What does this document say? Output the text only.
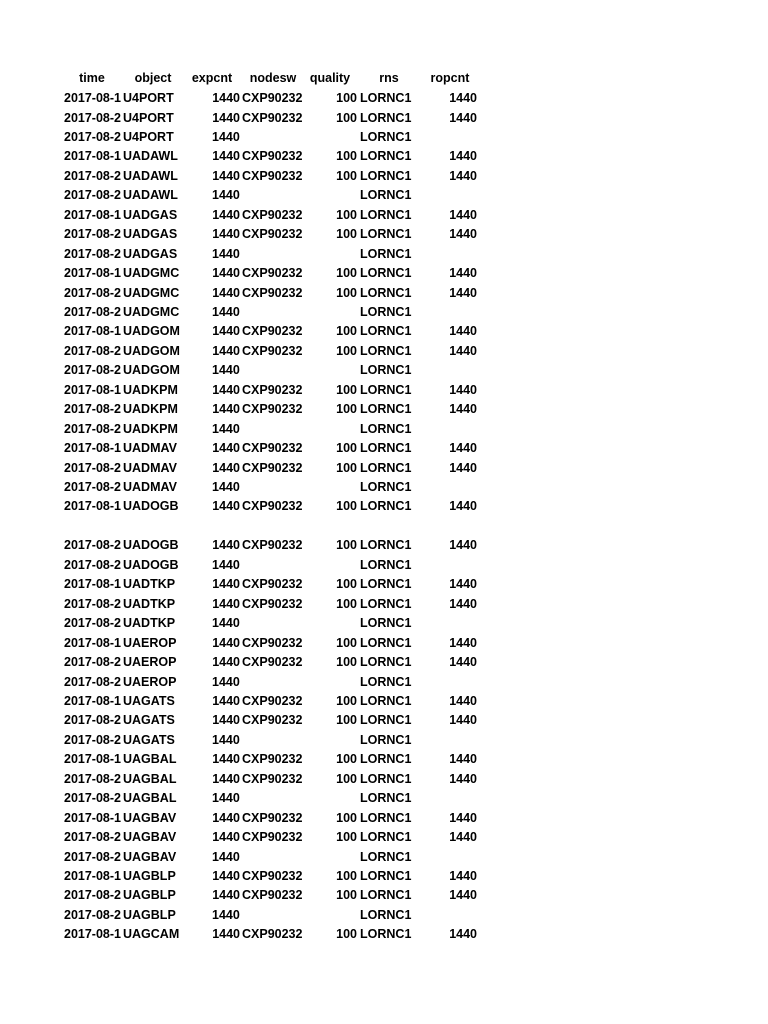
time	object	expcnt	nodesw	quality	rns	ropcnt
2017-08-1 U4PORT	1440 CXP90232	100 LORNC1	1440
2017-08-2 U4PORT	1440 CXP90232	100 LORNC1	1440
2017-08-2 U4PORT	1440	LORNC1
2017-08-1 UADAWL	1440 CXP90232	100 LORNC1	1440
2017-08-2 UADAWL	1440 CXP90232	100 LORNC1	1440
2017-08-2 UADAWL	1440	LORNC1
2017-08-1 UADGAS	1440 CXP90232	100 LORNC1	1440
2017-08-2 UADGAS	1440 CXP90232	100 LORNC1	1440
2017-08-2 UADGAS	1440	LORNC1
2017-08-1 UADGMC	1440 CXP90232	100 LORNC1	1440
2017-08-2 UADGMC	1440 CXP90232	100 LORNC1	1440
2017-08-2 UADGMC	1440	LORNC1
2017-08-1 UADGOM	1440 CXP90232	100 LORNC1	1440
2017-08-2 UADGOM	1440 CXP90232	100 LORNC1	1440
2017-08-2 UADGOM	1440	LORNC1
2017-08-1 UADKPM	1440 CXP90232	100 LORNC1	1440
2017-08-2 UADKPM	1440 CXP90232	100 LORNC1	1440
2017-08-2 UADKPM	1440	LORNC1
2017-08-1 UADMAV	1440 CXP90232	100 LORNC1	1440
2017-08-2 UADMAV	1440 CXP90232	100 LORNC1	1440
2017-08-2 UADMAV	1440	LORNC1
2017-08-1 UADOGB	1440 CXP90232	100 LORNC1	1440
2017-08-2 UADOGB	1440 CXP90232	100 LORNC1	1440
2017-08-2 UADOGB	1440	LORNC1
2017-08-1 UADTKP	1440 CXP90232	100 LORNC1	1440
2017-08-2 UADTKP	1440 CXP90232	100 LORNC1	1440
2017-08-2 UADTKP	1440	LORNC1
2017-08-1 UAEROP	1440 CXP90232	100 LORNC1	1440
2017-08-2 UAEROP	1440 CXP90232	100 LORNC1	1440
2017-08-2 UAEROP	1440	LORNC1
2017-08-1 UAGATS	1440 CXP90232	100 LORNC1	1440
2017-08-2 UAGATS	1440 CXP90232	100 LORNC1	1440
2017-08-2 UAGATS	1440	LORNC1
2017-08-1 UAGBAL	1440 CXP90232	100 LORNC1	1440
2017-08-2 UAGBAL	1440 CXP90232	100 LORNC1	1440
2017-08-2 UAGBAL	1440	LORNC1
2017-08-1 UAGBAV	1440 CXP90232	100 LORNC1	1440
2017-08-2 UAGBAV	1440 CXP90232	100 LORNC1	1440
2017-08-2 UAGBAV	1440	LORNC1
2017-08-1 UAGBLP	1440 CXP90232	100 LORNC1	1440
2017-08-2 UAGBLP	1440 CXP90232	100 LORNC1	1440
2017-08-2 UAGBLP	1440	LORNC1
2017-08-1 UAGCAM	1440 CXP90232	100 LORNC1	1440
